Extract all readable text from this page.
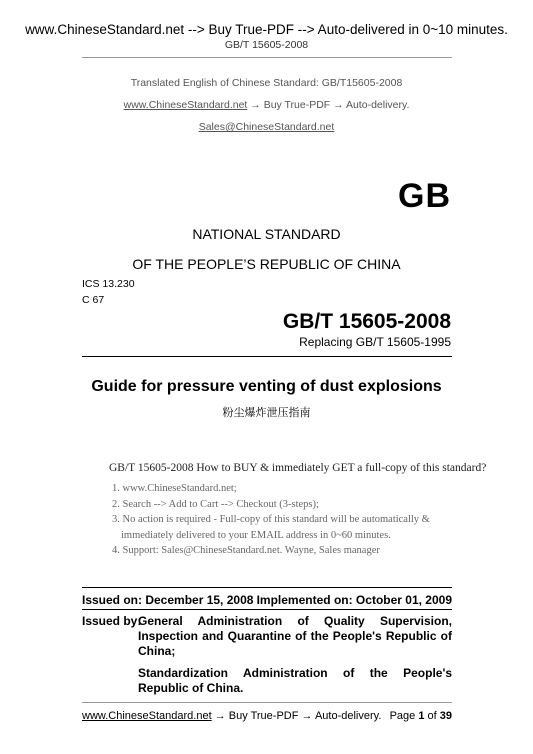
www.ChineseStandard.net --> Buy True-PDF --> Auto-delivered in 0~10 minutes.
GB/T 15605-2008
Translated English of Chinese Standard: GB/T15605-2008
www.ChineseStandard.net → Buy True-PDF → Auto-delivery.
Sales@ChineseStandard.net
GB
NATIONAL STANDARD
OF THE PEOPLE’S REPUBLIC OF CHINA
ICS 13.230
C 67
GB/T 15605-2008
Replacing GB/T 15605-1995
Guide for pressure venting of dust explosions
粉尘爆炸泄压指南
GB/T 15605-2008 How to BUY & immediately GET a full-copy of this standard?
1. www.ChineseStandard.net;
2. Search --> Add to Cart --> Checkout (3-steps);
3. No action is required - Full-copy of this standard will be automatically & immediately delivered to your EMAIL address in 0~60 minutes.
4. Support: Sales@ChineseStandard.net. Wayne, Sales manager
Issued on: December 15, 2008 Implemented on: October 01, 2009
Issued by:
General Administration of Quality Supervision, Inspection and Quarantine of the People's Republic of China;
Standardization Administration of the People's Republic of China.
www.ChineseStandard.net → Buy True-PDF → Auto-delivery. Page 1 of 39
